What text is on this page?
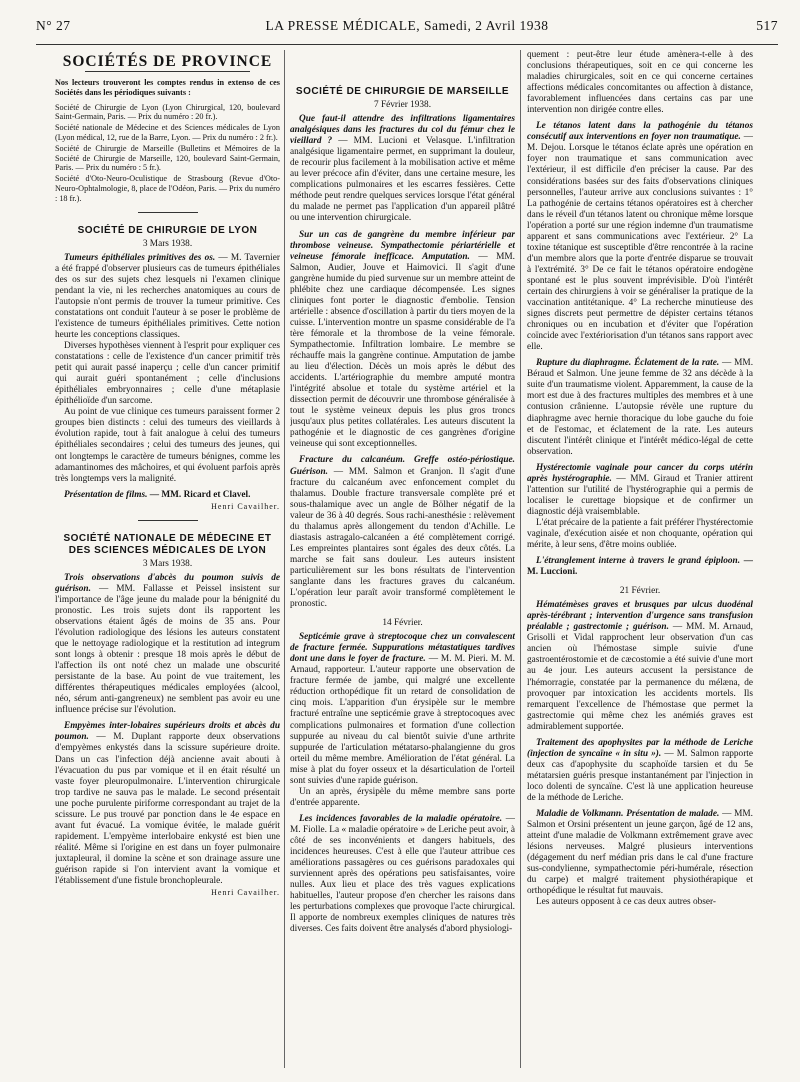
N° 27	LA PRESSE MÉDICALE, Samedi, 2 Avril 1938	517
SOCIÉTÉS DE PROVINCE

Nos lecteurs trouveront les comptes rendus in extenso de ces Sociétés dans les périodiques suivants :

Société de Chirurgie de Lyon (Lyon Chirurgical, 120, boulevard Saint-Germain, Paris. — Prix du numéro : 20 fr.).

Société nationale de Médecine et des Sciences médicales de Lyon (Lyon médical, 12, rue de la Barre, Lyon. — Prix du numéro : 2 fr.).

Société de Chirurgie de Marseille (Bulletins et Mémoires de la Société de Chirurgie de Marseille, 120, boulevard Saint-Germain, Paris. — Prix du numéro : 5 fr.).

Société d'Oto-Neuro-Oculistique de Strasbourg (Revue d'Oto-Neuro-Ophtalmologie, 8, place de l'Odéon, Paris. — Prix du numéro : 18 fr.).

SOCIÉTÉ DE CHIRURGIE DE LYON

3 Mars 1938.

Tumeurs épithéliales primitives des os. — M. Tavernier a été frappé d'observer plusieurs cas de tumeurs épithéliales des os sur des sujets chez lesquels ni l'examen clinique pendant la vie, ni les recherches anatomiques au cours de l'autopsie n'ont permis de trouver la tumeur primitive. Ces constatations ont conduit l'auteur à se poser le problème de l'existence de tumeurs épithéliales primitives. Cette notion heurte les conceptions classiques.

Diverses hypothèses viennent à l'esprit pour expliquer ces constatations : celle de l'existence d'un cancer primitif très petit qui aurait passé inaperçu ; celle d'un cancer primitif qui aurait guéri spontanément ; celle d'inclusions épithéliales embryonnaires ; celle d'une métaplasie épithélioïde d'un sarcome.

Au point de vue clinique ces tumeurs paraissent former 2 groupes bien distincts : celui des tumeurs des vieillards à évolution rapide, tout à fait analogue à celui des tumeurs épithéliales secondaires ; celui des tumeurs des jeunes, qui ont longtemps le caractère de tumeurs bénignes, comme les adamantinomes des mâchoires, et qui évoluent parfois après très longtemps vers la malignité.

Présentation de films. — MM. Ricard et Clavel.

Henri Cavailher.

SOCIÉTÉ NATIONALE DE MÉDECINE ET DES SCIENCES MÉDICALES DE LYON

3 Mars 1938.

Trois observations d'abcès du poumon suivis de guérison. — MM. Fallasse et Peissel insistent sur l'importance de l'âge jeune du malade pour la bénignité du pronostic. Les trois sujets dont ils rapportent les observations étaient âgés de moins de 35 ans. Pour l'évolution radiologique des lésions les auteurs constatent que le nettoyage radiologique et la restitution ad integrum sont longs à obtenir : presque 18 mois après le début de l'affection ils ont noté chez un malade une obscurité persistante de la base. Au point de vue traitement, les différentes thérapeutiques médicales employées (alcool, néo, sérum anti-gangreneux) ne semblent pas avoir eu une influence précise sur l'évolution.

Empyèmes inter-lobaires supérieurs droits et abcès du poumon. — M. Duplant rapporte deux observations d'empyèmes enkystés dans la scissure supérieure droite. Dans un cas l'infection déjà ancienne avait abouti à l'évacuation du pus par vomique et il en était résulté un vaste foyer pleuropulmonaire. L'intervention chirurgicale trop tardive ne sauva pas le malade. Le second présentait une poche purulente piriforme correspondant au trajet de la scissure. Le pus trouvé par ponction dans le 4e espace en avant fut évacué. La vomique évitée, le malade guérit rapidement. L'empyème interlobaire enkysté est bien une réalité. Même si l'origine en est dans un foyer pulmonaire juxtapleural, il domine la scène et son drainage assure une guérison rapide si l'on intervient avant la vomique et l'établissement d'une fistule bronchopleurale.

Henri Cavailher.

SOCIÉTÉ DE CHIRURGIE DE MARSEILLE

7 Février 1938.

Que faut-il attendre des infiltrations ligamentaires analgésiques dans les fractures du col du fémur chez le vieillard ? — MM. Lucioni et Velasque. L'infiltration analgésique ligamentaire permet, en supprimant la douleur, de recourir plus facilement à la mobilisation active et même au lever précoce afin d'éviter, dans une certaine mesure, les complications pulmonaires et les escarres fessières. Cette méthode peut rendre quelques services lorsque l'état général du malade ne permet pas l'application d'un appareil plâtré ou une intervention chirurgicale.

Sur un cas de gangrène du membre inférieur par thrombose veineuse. Sympathectomie périartérielle et veineuse fémorale inefficace. Amputation. — MM. Salmon, Audier, Jouve et Haimovici. Il s'agit d'une gangrène humide du pied survenue sur un membre atteint de phlébite chez une cardiaque décompensée. Les signes cliniques font porter le diagnostic d'embolie. Tension artérielle : absence d'oscillation à partir du tiers moyen de la cuisse. L'intervention montre un spasme considérable de l'a tère fémorale et la thrombose de la veine fémorale. Sympathectomie. Infiltration lombaire. Le membre se réchauffe mais la gangrène continue. Amputation de jambe au lieu d'élection. Décès un mois après le début des accidents. L'artériographie du membre amputé montra l'intégrité absolue et totale du système artériel et la dissection permit de découvrir une thrombose généralisée à tout le système veineux depuis les plus gros troncs jusqu'aux plus petites collatérales. Les auteurs discutent la pathogénie et le diagnostic de ces gangrènes d'origine veineuse qui sont exceptionnelles.

Fracture du calcanéum. Greffe ostéo-périostique. Guérison. — MM. Salmon et Granjon. Il s'agit d'une fracture du calcanéum avec enfoncement complet du thalamus. Double fracture transversale complète pré et sous-thalamique avec un angle de Bölher négatif de la valeur de 36 à 40 degrés. Sous rachi-anesthésie : relèvement du thalamus après allongement du tendon d'Achille. Le diastasis astragalo-calcanéen a été complètement corrigé. Les empreintes plantaires sont égales des deux côtés. La marche se fait sans douleur. Les auteurs insistent particulièrement sur les bons résultats de l'intervention sanglante dans les fractures graves du calcanéum. L'opération leur paraît avoir transformé complètement le pronostic.

14 Février.

Septicémie grave à streptocoque chez un convalescent de fracture fermée. Suppurations métastatiques tardives dont une dans le foyer de fracture. — M. M. Pieri. M. M. Arnaud, rapporteur. L'auteur rapporte une observation de fracture fermée de jambe, qui malgré une excellente réduction orthopédique fit un retard de consolidation de cinq mois. L'apparition d'un érysipèle sur le membre fracturé entraîne une septicémie grave à streptocoques avec complications pulmonaires et formation d'une collection suppurée au niveau du cal bientôt suivie d'une arthrite suppurée de l'articulation métatarso-phalangienne du gros orteil du même membre. Amélioration de l'état général. La mise à plat du foyer osseux et la désarticulation de l'orteil sont suivies d'une rapide guérison.

Un an après, érysipèle du même membre sans porte d'entrée apparente.

Les incidences favorables de la maladie opératoire. — M. Fiolle. La « maladie opératoire » de Leriche peut avoir, à côté de ses inconvénients et dangers habituels, des incidences heureuses. C'est à elle que l'auteur attribue ces améliorations passagères ou ces guérisons paradoxales qui surviennent après des opérations peu satisfaisantes, voire nulles. Aux lieu et place des très vagues explications habituelles, l'auteur propose d'en chercher les raisons dans les perturbations complexes que provoque l'acte chirurgical. Il apporte de nombreux exemples cliniques de natures très diverses. Ces faits doivent être analysés d'abord physiologi-

quement : peut-être leur étude amènera-t-elle à des conclusions thérapeutiques, soit en ce qui concerne les maladies chirurgicales, soit en ce qui concerne certaines affections médicales concomitantes ou affection à distance, favorablement influencées dans certains cas par une intervention non dirigée contre elles.

Le tétanos latent dans la pathogénie du tétanos consécutif aux interventions en foyer non traumatique. — M. Dejou. Lorsque le tétanos éclate après une opération en foyer non traumatique et sans communication avec l'extérieur, il est difficile d'en préciser la cause. Par des considérations basées sur des faits d'observations cliniques personnelles, l'auteur arrive aux conclusions suivantes : 1° La pathogénie de certains tétanos opératoires est à chercher dans le réveil d'un tétanos latent ou chronique même lorsque l'opération a porté sur une région indemne d'un traumatisme apparent et sans communications avec l'extérieur. 2° La toxine tétanique est susceptible d'être rencontrée à la racine d'un membre alors que la porte d'entrée disparue se trouvait à l'extrémité. 3° De ce fait le tétanos opératoire endogène spontané est le plus souvent imprévisible. D'où l'intérêt certain des chirurgiens à voir se généraliser la pratique de la vaccination antitétanique. 4° La recherche minutieuse des signes discrets peut permettre de dépister certains tétanos chroniques ou en incubation et d'éviter que l'opération coïncide avec l'extériorisation d'un tétanos sans rapport avec elle.

Rupture du diaphragme. Éclatement de la rate. — MM. Béraud et Salmon. Une jeune femme de 32 ans décède à la suite d'un traumatisme violent. Apparemment, la cause de la mort est due à des fractures multiples des membres et à une contusion crânienne. L'autopsie révèle une rupture du diaphragme avec hernie thoracique du lobe gauche du foie et de l'estomac, et éclatement de la rate. Les auteurs discutent l'intérêt clinique et l'intérêt médico-légal de cette observation.

Hystérectomie vaginale pour cancer du corps utérin après hystérographie. — MM. Giraud et Tranier attirent l'attention sur l'utilité de l'hystérographie qui a permis de localiser le curettage biopsique et de confirmer un diagnostic déjà vraisemblable.

L'état précaire de la patiente a fait préférer l'hystérectomie vaginale, d'exécution aisée et non choquante, opération qui mérite, à leur sens, d'être moins oubliée.

L'étranglement interne à travers le grand épiploon. — M. Luccioni.

21 Février.

Hématémèses graves et brusques par ulcus duodénal après-térébrant ; intervention d'urgence sans transfusion préalable ; gastrectomie ; guérison. — MM. M. Arnaud, Grisolli et Vidal rapprochent leur observation d'un cas ancien où l'hémostase simple suivie d'une gastroentérostomie et de cæcostomie a été suivie d'une mort au 4e jour. Les auteurs accusent la persistance de l'hémorragie, constatée par la permanence du mélæna, de provoquer par intoxication les accidents mortels. Ils remarquent l'excellence de l'hémostase que permet la gastrectomie qui même chez les anémiés graves est admirablement supportée.

Traitement des apophysites par la méthode de Leriche (injection de syncaïne « in situ »). — M. Salmon rapporte deux cas d'apophysite du scaphoïde tarsien et du 5e métatarsien guéris presque instantanément par l'injection in loco dolenti de syncaïne. C'est là une application heureuse de la méthode de Leriche.

Maladie de Volkmann. Présentation de malade. — MM. Salmon et Orsini présentent un jeune garçon, âgé de 12 ans, atteint d'une maladie de Volkmann extrêmement grave avec lésions nerveuses. Malgré plusieurs interventions (dégagement du nerf médian pris dans le cal d'une fracture sus-condylienne, sympathectomie péri-humérale, résection du carpe) et malgré traitement physiothérapique et orthopédique le résultat fut mauvais.

Les auteurs opposent à ce cas deux autres obser-
